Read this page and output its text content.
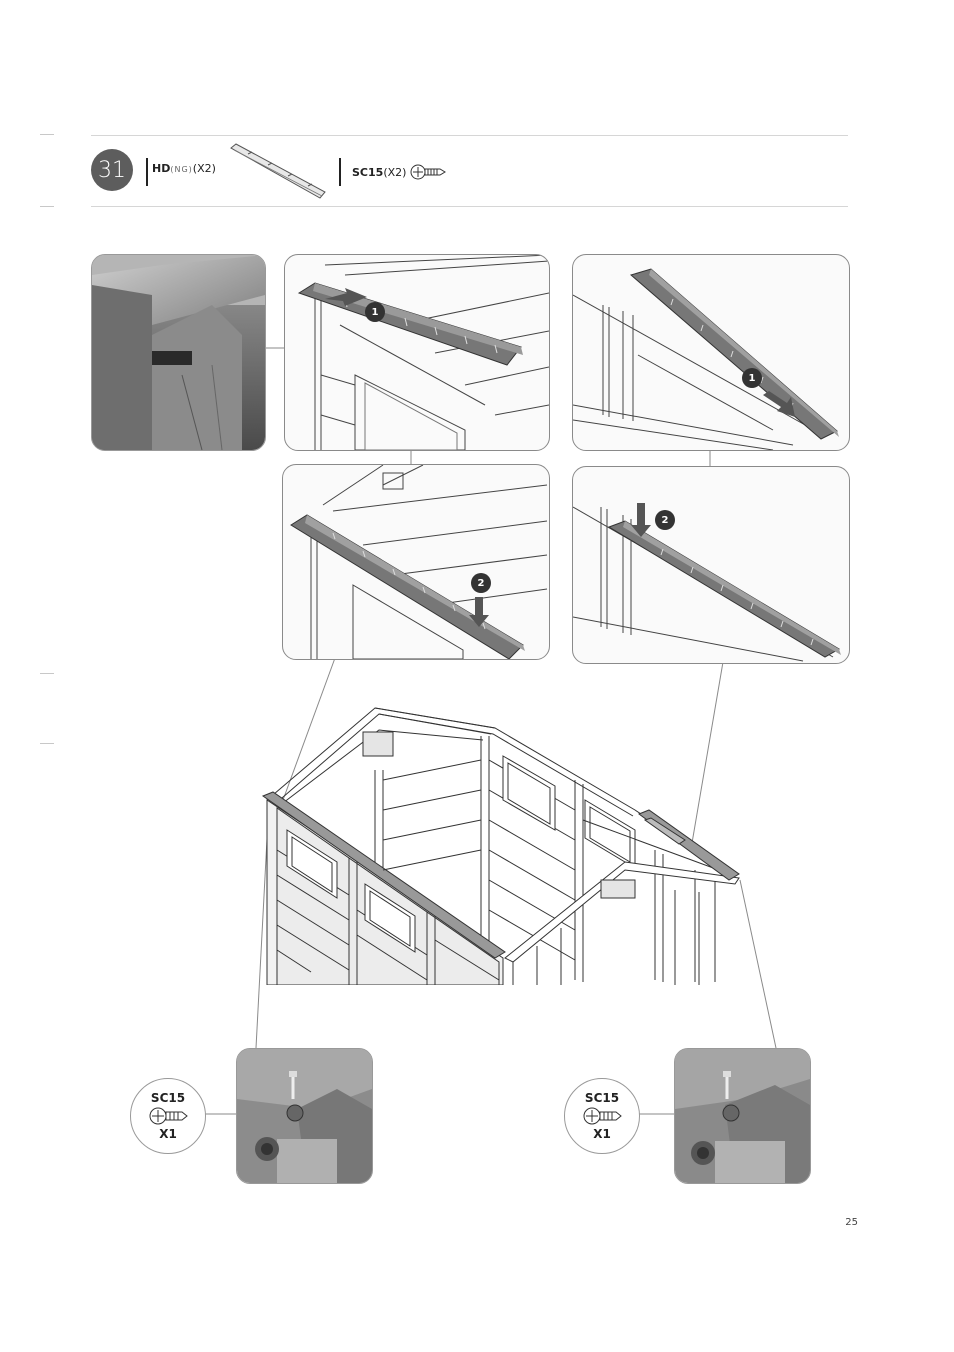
31	HD(NG)(X2)	SC15(X2)
1
1
2
2
SC15
X1
SC15
X1
25
